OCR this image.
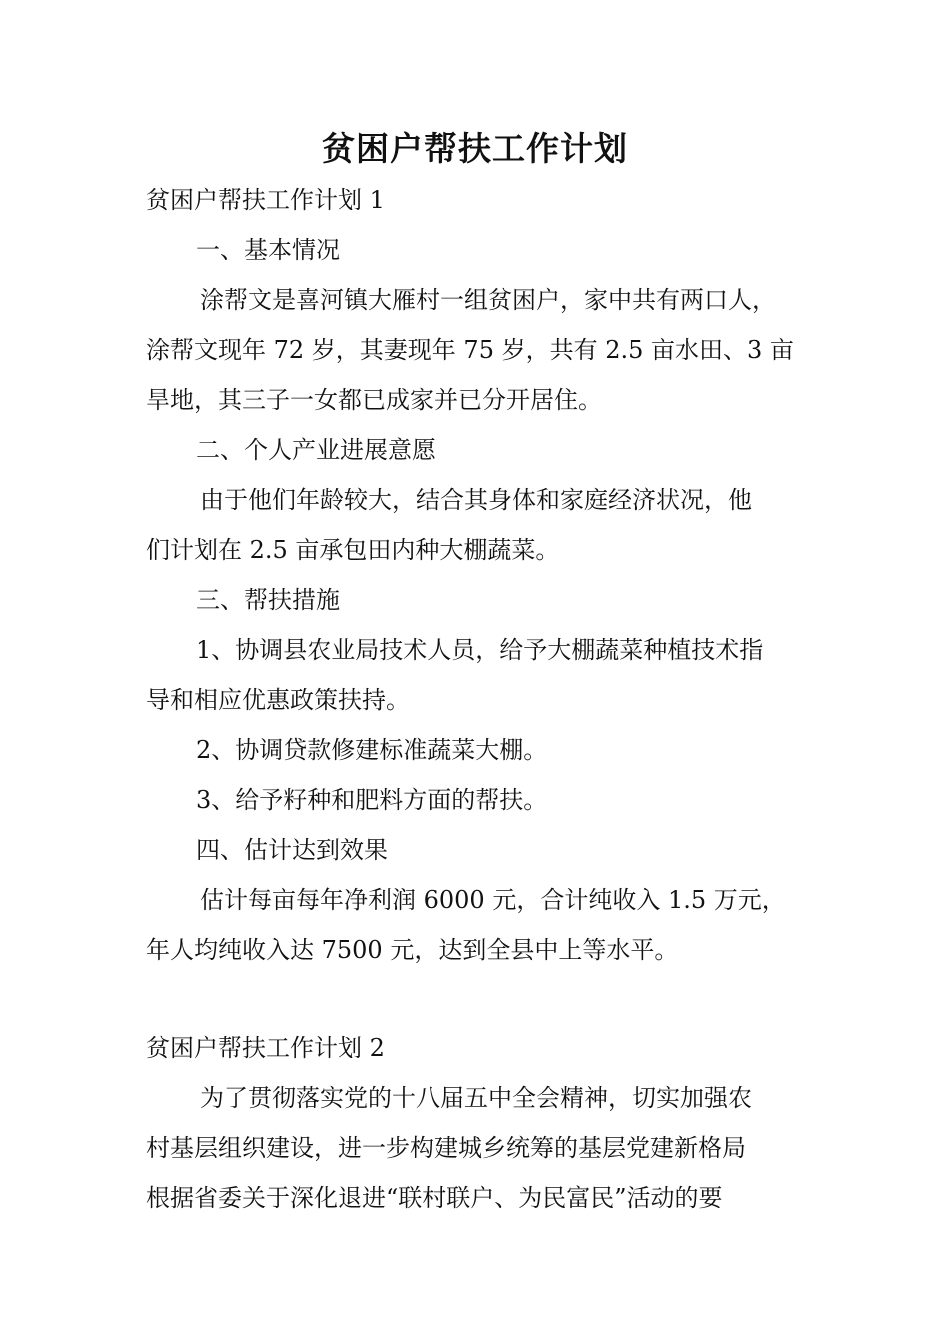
贫困户帮扶工作计划

贫困户帮扶工作计划 1

一、基本情况

涂帮文是喜河镇大雁村一组贫困户，家中共有两口人，

涂帮文现年 72 岁，其妻现年 75 岁，共有 2.5 亩水田、3 亩

旱地，其三子一女都已成家并已分开居住。

二、个人产业进展意愿

由于他们年龄较大，结合其身体和家庭经济状况，他

们计划在 2.5 亩承包田内种大棚蔬菜。

三、帮扶措施

1、协调县农业局技术人员，给予大棚蔬菜种植技术指

导和相应优惠政策扶持。

2、协调贷款修建标准蔬菜大棚。

3、给予籽种和肥料方面的帮扶。

四、估计达到效果

估计每亩每年净利润 6000 元，合计纯收入 1.5 万元，

年人均纯收入达 7500 元，达到全县中上等水平。

贫困户帮扶工作计划 2

为了贯彻落实党的十八届五中全会精神，切实加强农

村基层组织建设，进一步构建城乡统筹的基层党建新格局

根据省委关于深化退进“联村联户、为民富民”活动的要
